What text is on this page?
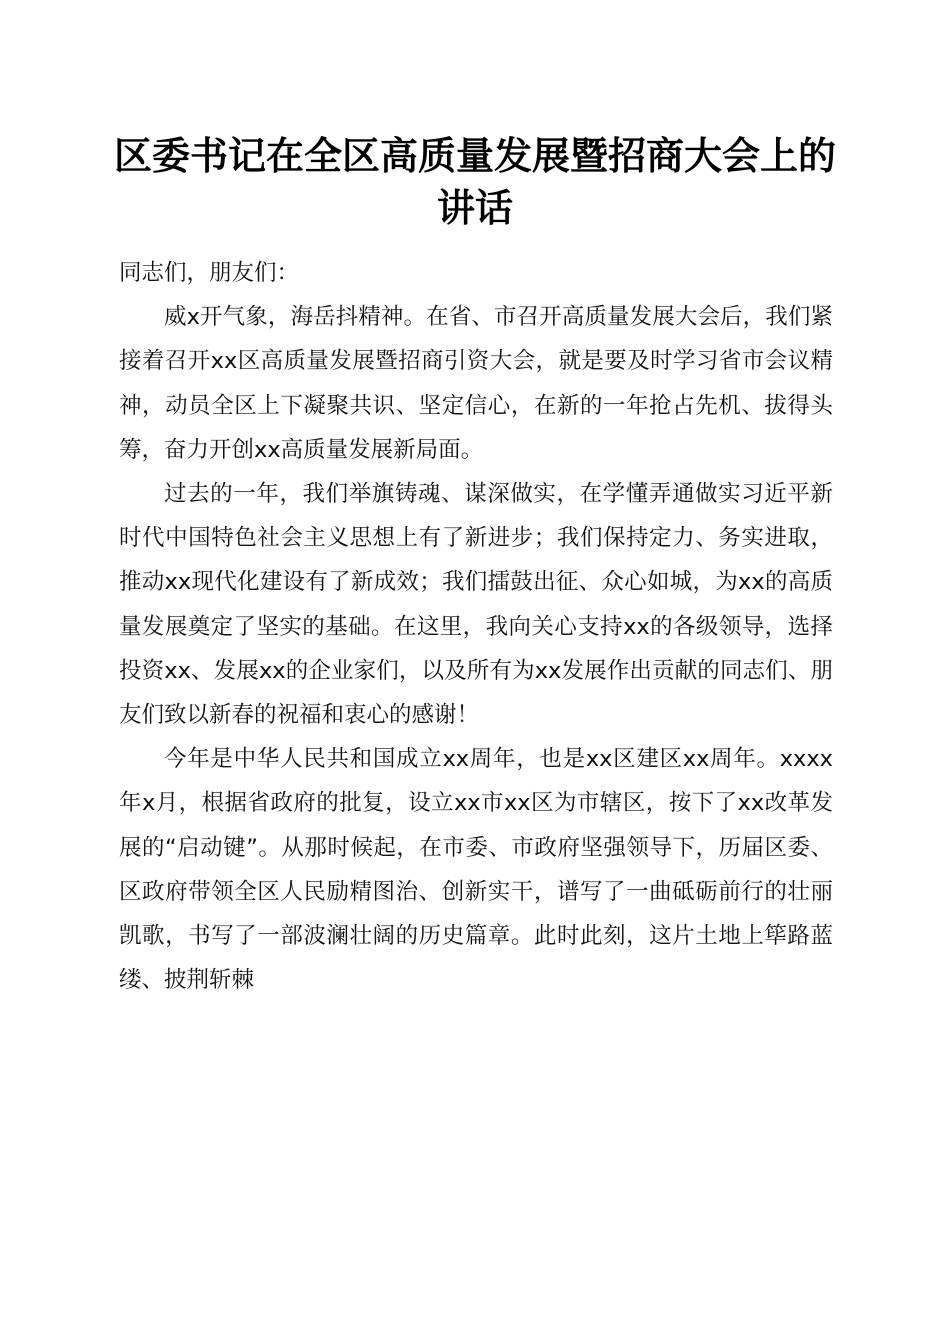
区委书记在全区高质量发展暨招商大会上的讲话

同志们，朋友们：

威x开气象，海岳抖精神。在省、市召开高质量发展大会后，我们紧接着召开xx区高质量发展暨招商引资大会，就是要及时学习省市会议精神，动员全区上下凝聚共识、坚定信心，在新的一年抢占先机、拔得头筹，奋力开创xx高质量发展新局面。

过去的一年，我们举旗铸魂、谋深做实，在学懂弄通做实习近平新时代中国特色社会主义思想上有了新进步；我们保持定力、务实进取，推动xx现代化建设有了新成效；我们擂鼓出征、众心如城，为xx的高质量发展奠定了坚实的基础。在这里，我向关心支持xx的各级领导，选择投资xx、发展xx的企业家们，以及所有为xx发展作出贡献的同志们、朋友们致以新春的祝福和衷心的感谢！

今年是中华人民共和国成立xx周年，也是xx区建区xx周年。xxxx年x月，根据省政府的批复，设立xx市xx区为市辖区，按下了xx改革发展的“启动键”。从那时候起，在市委、市政府坚强领导下，历届区委、区政府带领全区人民励精图治、创新实干，谱写了一曲砥砺前行的壮丽凯歌，书写了一部波澜壮阔的历史篇章。此时此刻，这片土地上筚路蓝缕、披荆斩棘
